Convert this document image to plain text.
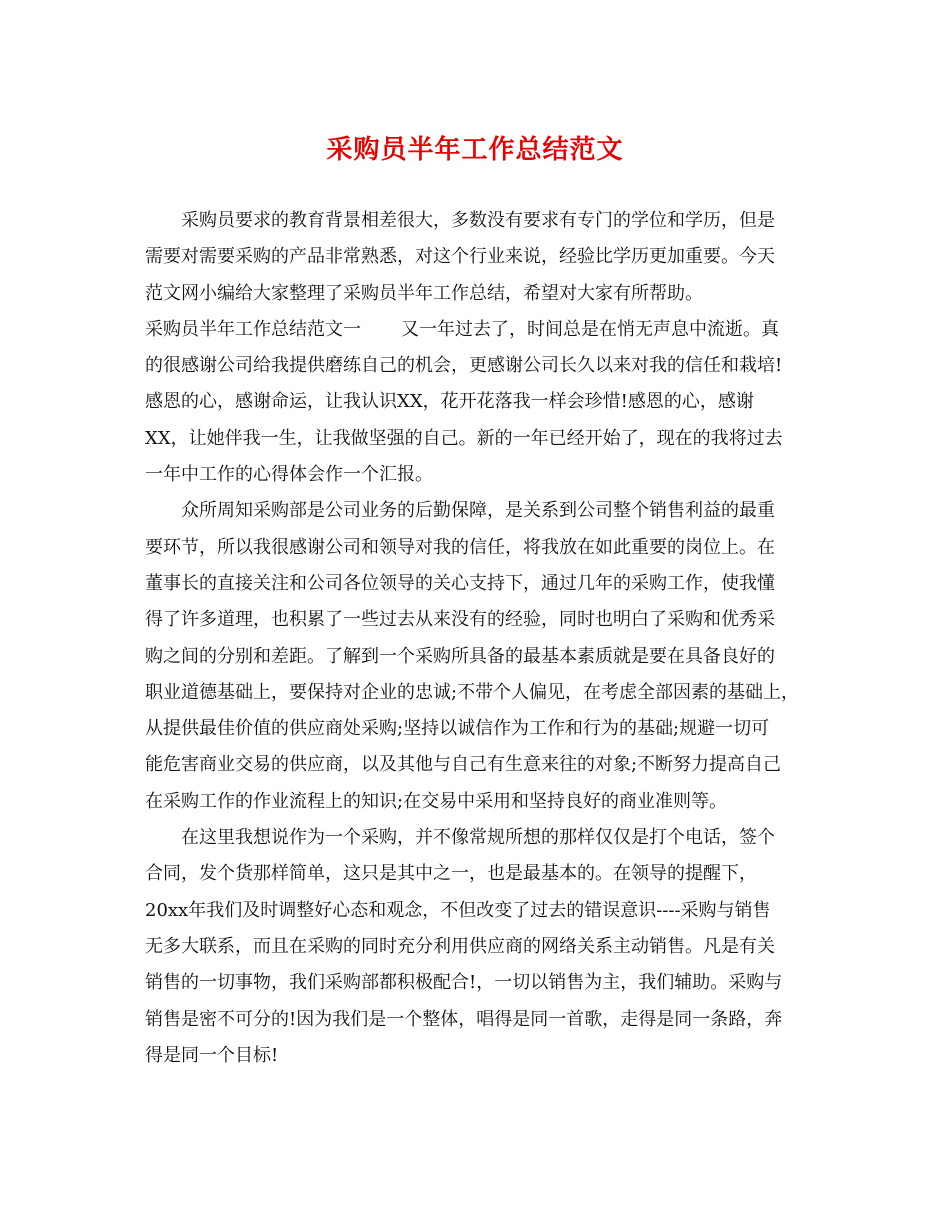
采购员半年工作总结范文
采购员要求的教育背景相差很大，多数没有要求有专门的学位和学历，但是
需要对需要采购的产品非常熟悉，对这个行业来说，经验比学历更加重要。今天
范文网小编给大家整理了采购员半年工作总结，希望对大家有所帮助。
采购员半年工作总结范文一 又一年过去了，时间总是在悄无声息中流逝。真
的很感谢公司给我提供磨练自己的机会，更感谢公司长久以来对我的信任和栽培!
感恩的心，感谢命运，让我认识XX，花开花落我一样会珍惜!感恩的心，感谢
XX，让她伴我一生，让我做坚强的自己。新的一年已经开始了，现在的我将过去
一年中工作的心得体会作一个汇报。
众所周知采购部是公司业务的后勤保障，是关系到公司整个销售利益的最重
要环节，所以我很感谢公司和领导对我的信任，将我放在如此重要的岗位上。在
董事长的直接关注和公司各位领导的关心支持下，通过几年的采购工作，使我懂
得了许多道理，也积累了一些过去从来没有的经验，同时也明白了采购和优秀采
购之间的分别和差距。了解到一个采购所具备的最基本素质就是要在具备良好的
职业道德基础上，要保持对企业的忠诚;不带个人偏见，在考虑全部因素的基础上，
从提供最佳价值的供应商处采购;坚持以诚信作为工作和行为的基础;规避一切可
能危害商业交易的供应商，以及其他与自己有生意来往的对象;不断努力提高自己
在采购工作的作业流程上的知识;在交易中采用和坚持良好的商业准则等。
在这里我想说作为一个采购，并不像常规所想的那样仅仅是打个电话，签个
合同，发个货那样简单，这只是其中之一，也是最基本的。在领导的提醒下，
20xx年我们及时调整好心态和观念，不但改变了过去的错误意识----采购与销售
无多大联系，而且在采购的同时充分利用供应商的网络关系主动销售。凡是有关
销售的一切事物，我们采购部都积极配合!，一切以销售为主，我们辅助。采购与
销售是密不可分的!因为我们是一个整体，唱得是同一首歌，走得是同一条路，奔
得是同一个目标!
